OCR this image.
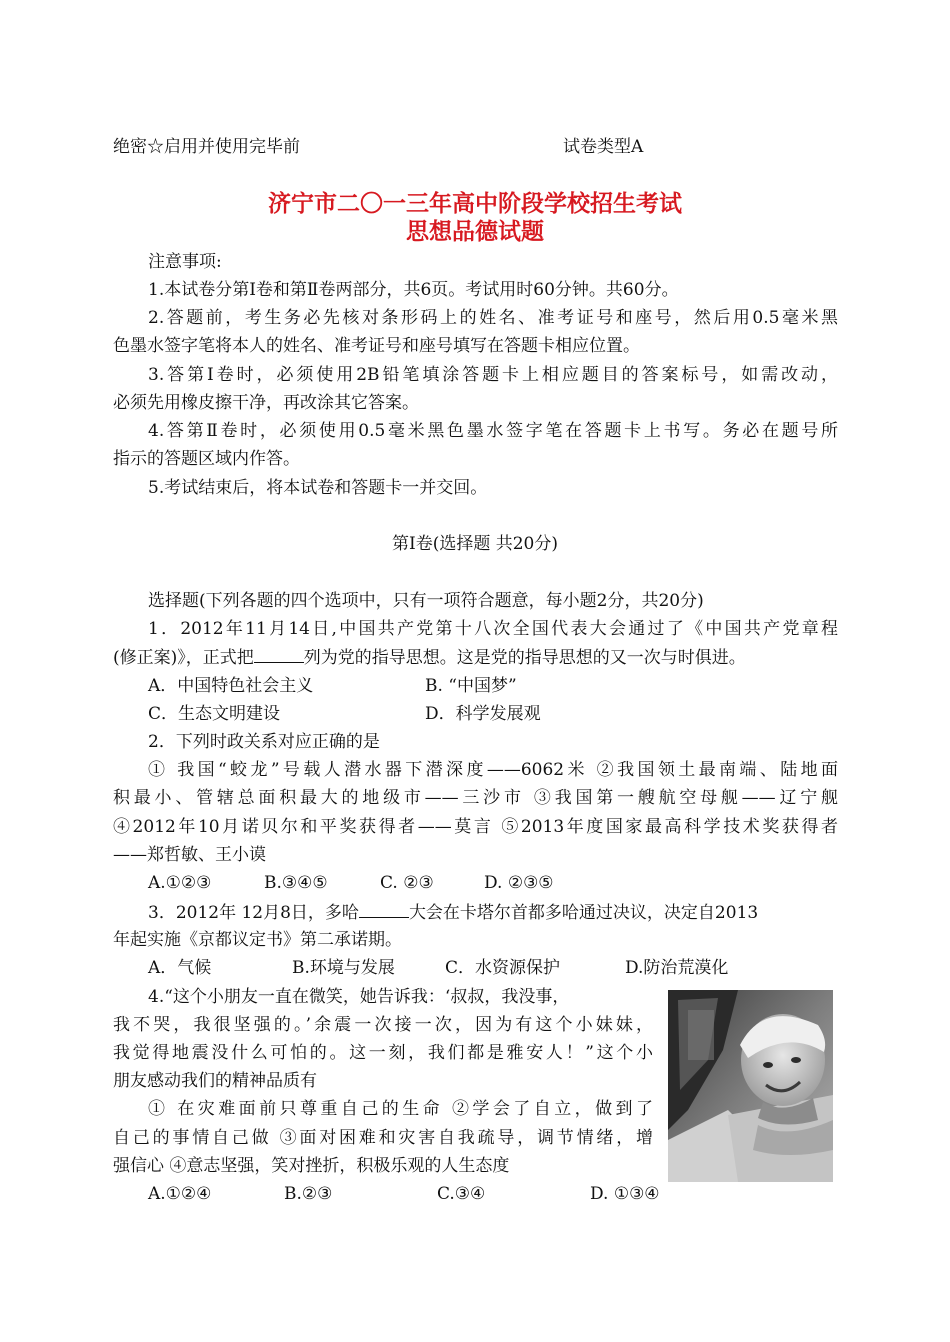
绝密☆启用并使用完毕前	试卷类型A
济宁市二〇一三年高中阶段学校招生考试
思想品德试题
注意事项:
1.本试卷分第Ⅰ卷和第Ⅱ卷两部分，共6页。考试用时60分钟。共60分。
2.答题前，考生务必先核对条形码上的姓名、准考证号和座号，然后用0.5毫米黑
色墨水签字笔将本人的姓名、准考证号和座号填写在答题卡相应位置。
3.答第Ⅰ卷时，必须使用2B铅笔填涂答题卡上相应题目的答案标号，如需改动，
必须先用橡皮擦干净，再改涂其它答案。
4.答第Ⅱ卷时，必须使用0.5毫米黑色墨水签字笔在答题卡上书写。务必在题号所
指示的答题区域内作答。
5.考试结束后，将本试卷和答题卡一并交回。
第Ⅰ卷(选择题 共20分)
选择题(下列各题的四个选项中，只有一项符合题意，每小题2分，共20分)
1．2012年11月14日,中国共产党第十八次全国代表大会通过了《中国共产党章程
(修正案)》，正式把	列为党的指导思想。这是党的指导思想的又一次与时俱进。
A．中国特色社会主义	B. “中国梦”
C．生态文明建设	D．科学发展观
2．下列时政关系对应正确的是
① 我国“蛟龙”号载人潜水器下潜深度——6062米 ②我国领土最南端、陆地面
积最小、管辖总面积最大的地级市——三沙市 ③我国第一艘航空母舰——辽宁舰
④2012年10月诺贝尔和平奖获得者——莫言 ⑤2013年度国家最高科学技术奖获得者
——郑哲敏、王小谟
A.①②③	B.③④⑤	C. ②③	D. ②③⑤
3．2012年 12月8日，多哈	大会在卡塔尔首都多哈通过决议，决定自2013
年起实施《京都议定书》第二承诺期。
A．气候	B.环境与发展	C．水资源保护	D.防治荒漠化
4.“这个小朋友一直在微笑，她告诉我：‘叔叔，我没事，
我不哭，我很坚强的。’余震一次接一次，因为有这个小妹妹，
我觉得地震没什么可怕的。这一刻，我们都是雅安人！”这个小
朋友感动我们的精神品质有
① 在灾难面前只尊重自己的生命 ②学会了自立，做到了
自己的事情自己做 ③面对困难和灾害自我疏导，调节情绪，增
强信心 ④意志坚强，笑对挫折，积极乐观的人生态度
A.①②④	B.②③	C.③④	D. ①③④
